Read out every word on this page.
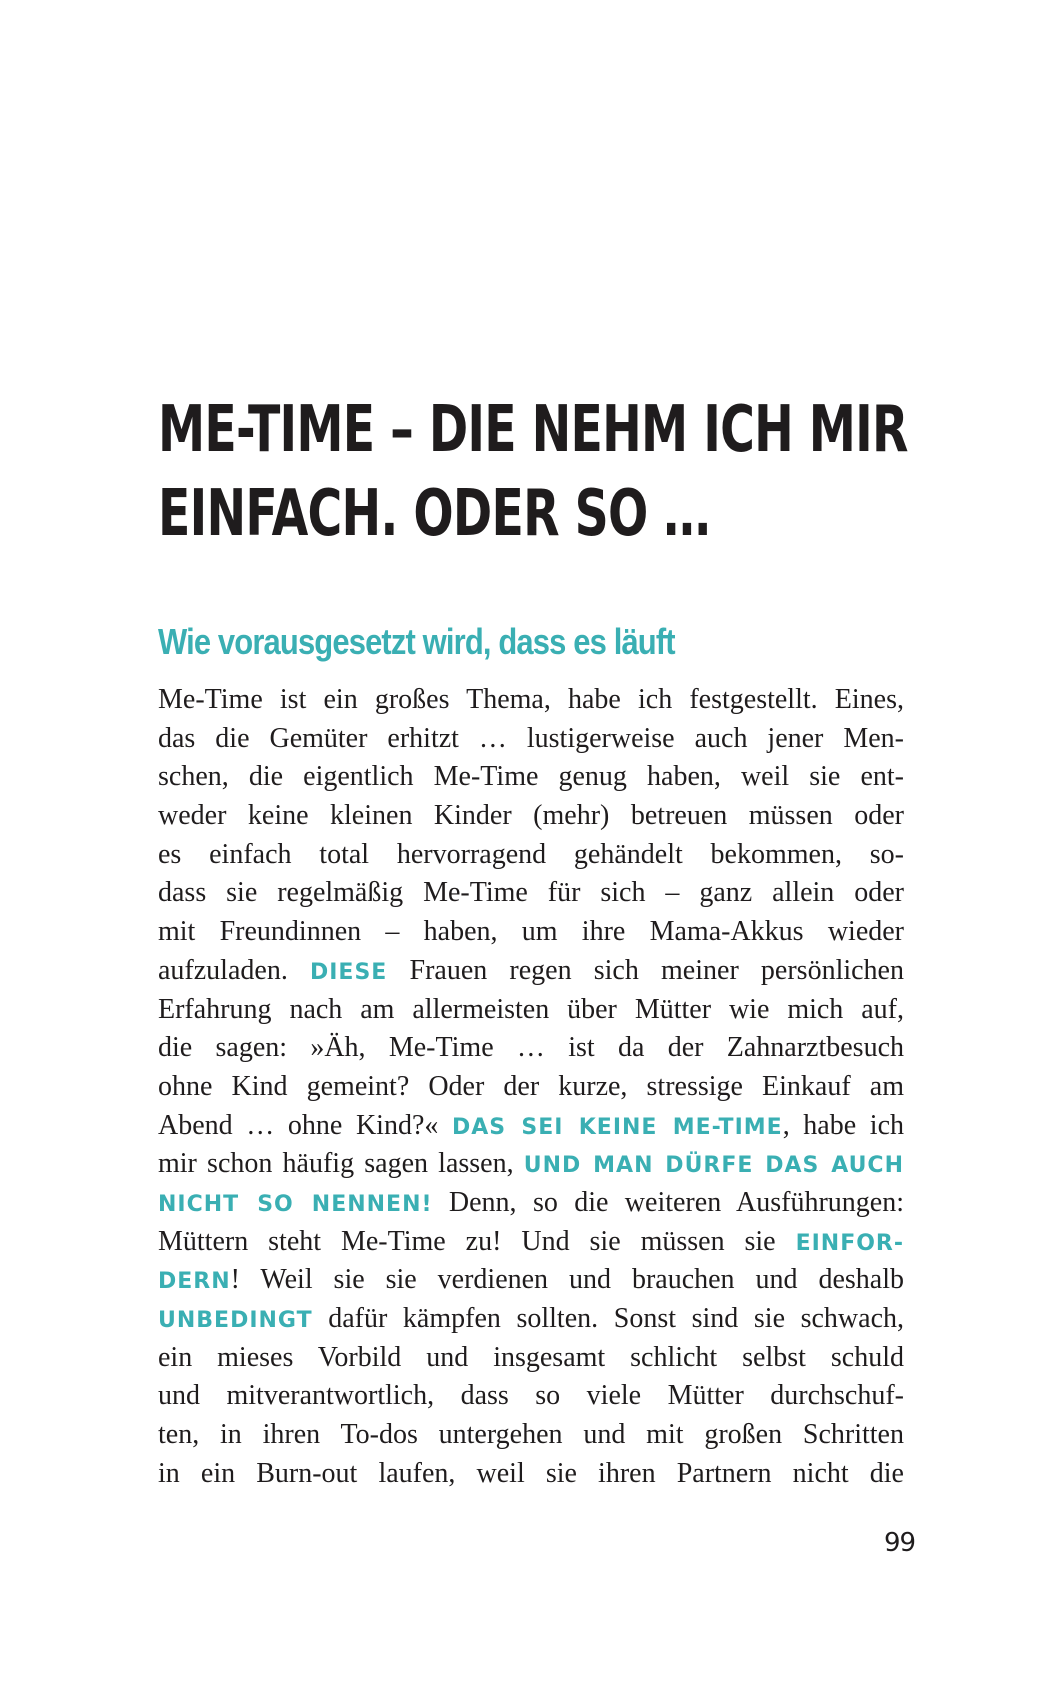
ME-TIME – DIE NEHM ICH MIR
EINFACH. ODER SO …
Wie vorausgesetzt wird, dass es läuft
Me-Time ist ein großes Thema, habe ich festgestellt. Eines,
das die Gemüter erhitzt … lustigerweise auch jener Men-
schen, die eigentlich Me-Time genug haben, weil sie ent-
weder keine kleinen Kinder (mehr) betreuen müssen oder
es einfach total hervorragend gehändelt bekommen, so-
dass sie regelmäßig Me-Time für sich – ganz allein oder
mit Freundinnen – haben, um ihre Mama-Akkus wieder
aufzuladen. DIESE Frauen regen sich meiner persönlichen
Erfahrung nach am allermeisten über Mütter wie mich auf,
die sagen: »Äh, Me-Time … ist da der Zahnarztbesuch
ohne Kind gemeint? Oder der kurze, stressige Einkauf am
Abend … ohne Kind?« DAS SEI KEINE ME-TIME, habe ich
mir schon häufig sagen lassen, UND MAN DÜRFE DAS AUCH
NICHT SO NENNEN! Denn, so die weiteren Ausführungen:
Müttern steht Me-Time zu! Und sie müssen sie EINFOR-
DERN! Weil sie sie verdienen und brauchen und deshalb
UNBEDINGT dafür kämpfen sollten. Sonst sind sie schwach,
ein mieses Vorbild und insgesamt schlicht selbst schuld
und mitverantwortlich, dass so viele Mütter durchschuf-
ten, in ihren To-dos untergehen und mit großen Schritten
in ein Burn-out laufen, weil sie ihren Partnern nicht die
99
